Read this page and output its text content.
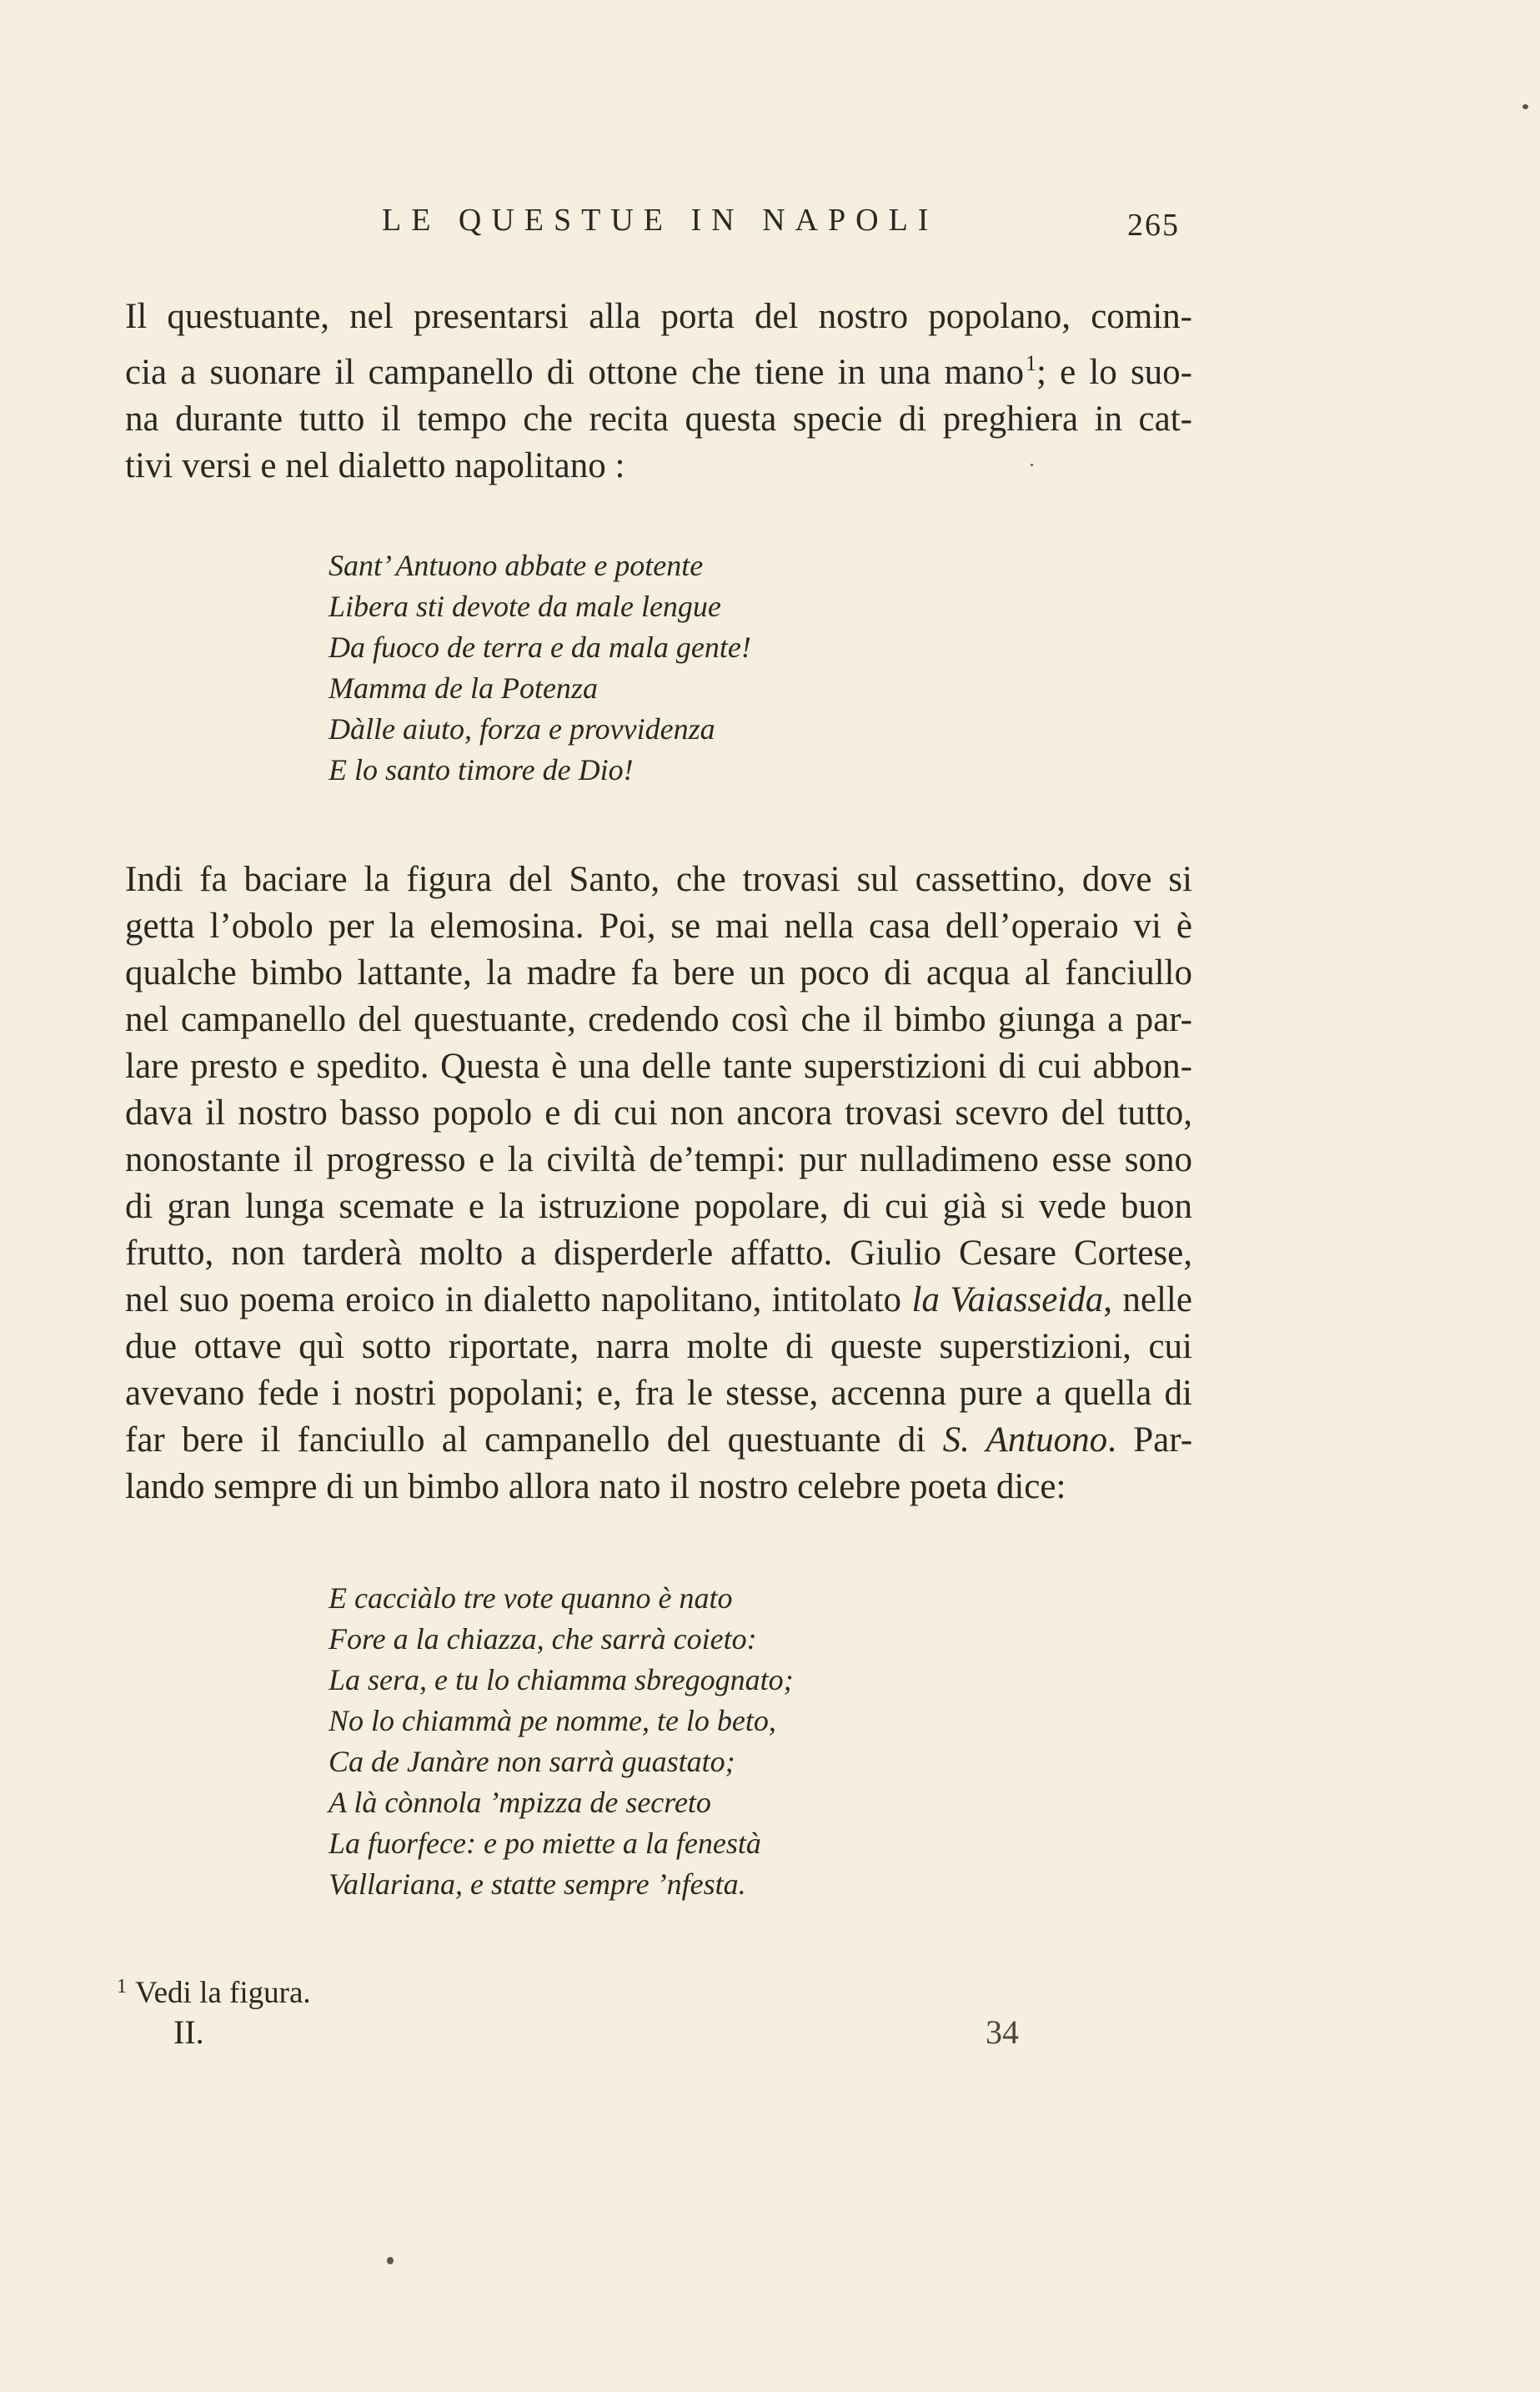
LE QUESTUE IN NAPOLI	265
Il questuante, nel presentarsi alla porta del nostro popolano, comin-
cia a suonare il campanello di ottone che tiene in una mano$^1$; e lo suo-
na durante tutto il tempo che recita questa specie di preghiera in cat-
tivi versi e nel dialetto napolitano :
Sant’ Antuono abbate e potente
Libera sti devote da male lengue
Da fuoco de terra e da mala gente!
Mamma de la Potenza
Dàlle aiuto, forza e provvidenza
E lo santo timore de Dio!
Indi fa baciare la figura del Santo, che trovasi sul cassettino, dove si
getta l’obolo per la elemosina. Poi, se mai nella casa dell’operaio vi è
qualche bimbo lattante, la madre fa bere un poco di acqua al fanciullo
nel campanello del questuante, credendo così che il bimbo giunga a par-
lare presto e spedito. Questa è una delle tante superstizioni di cui abbon-
dava il nostro basso popolo e di cui non ancora trovasi scevro del tutto,
nonostante il progresso e la civiltà de’tempi: pur nulladimeno esse sono
di gran lunga scemate e la istruzione popolare, di cui già si vede buon
frutto, non tarderà molto a disperderle affatto. Giulio Cesare Cortese,
nel suo poema eroico in dialetto napolitano, intitolato la Vaiasseida, nelle
due ottave quì sotto riportate, narra molte di queste superstizioni, cui
avevano fede i nostri popolani; e, fra le stesse, accenna pure a quella di
far bere il fanciullo al campanello del questuante di S. Antuono. Par-
lando sempre di un bimbo allora nato il nostro celebre poeta dice:
E cacciàlo tre vote quanno è nato
Fore a la chiazza, che sarrà coieto:
La sera, e tu lo chiamma sbregognato;
No lo chiammà pe nomme, te lo beto,
Ca de Janàre non sarrà guastato;
A là cònnola ’mpizza de secreto
La fuorfece: e po miette a la fenestà
Vallariana, e statte sempre ’nfesta.
$^1$ Vedi la figura.
II.	34
